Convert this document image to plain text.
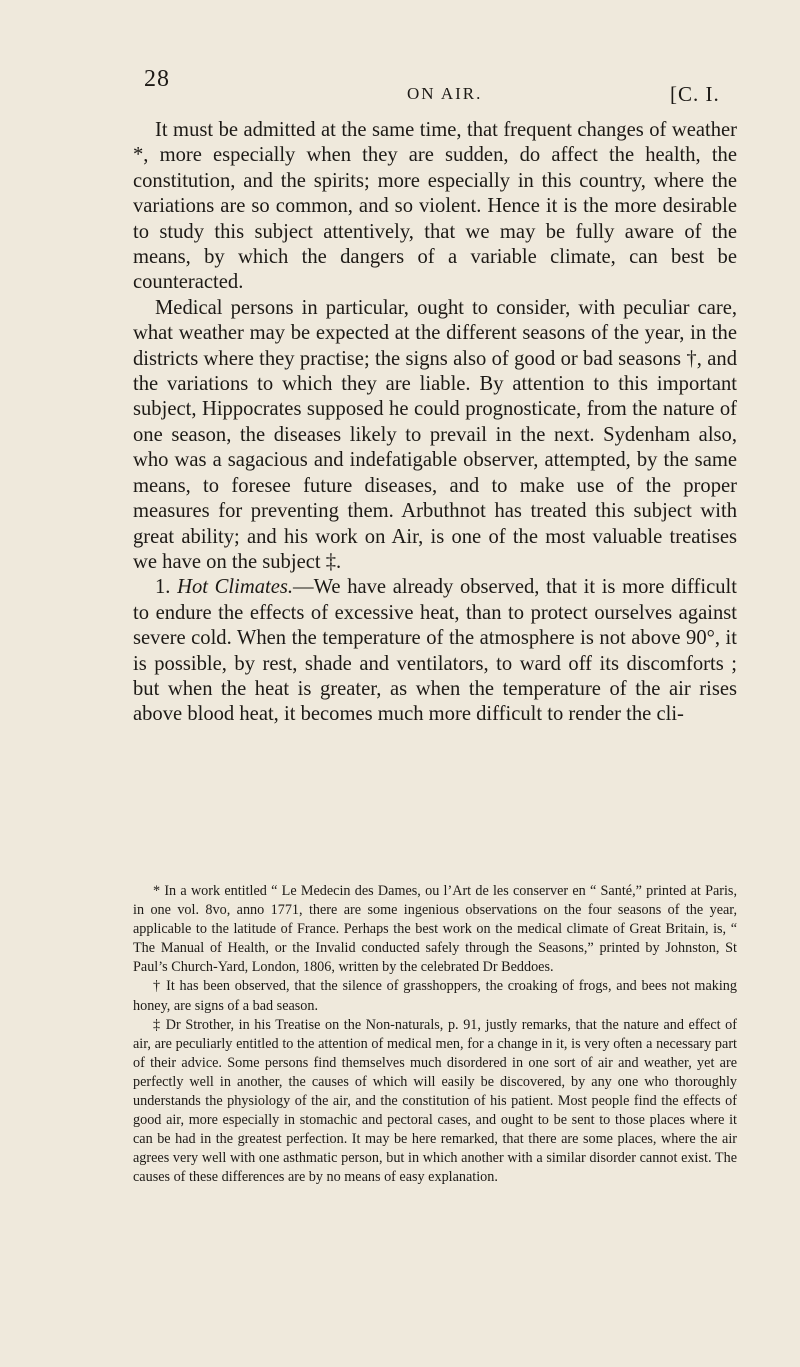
28
ON AIR.	[C. I.

It must be admitted at the same time, that frequent changes of weather *, more especially when they are sudden, do affect the health, the constitution, and the spirits; more especially in this country, where the variations are so common, and so violent. Hence it is the more desirable to study this subject attentively, that we may be fully aware of the means, by which the dangers of a variable climate, can best be counteracted.

Medical persons in particular, ought to consider, with peculiar care, what weather may be expected at the different seasons of the year, in the districts where they practise; the signs also of good or bad seasons †, and the variations to which they are liable. By attention to this important subject, Hippocrates supposed he could prognosticate, from the nature of one season, the diseases likely to prevail in the next. Sydenham also, who was a sagacious and indefatigable observer, attempted, by the same means, to foresee future diseases, and to make use of the proper measures for preventing them. Arbuthnot has treated this subject with great ability; and his work on Air, is one of the most valuable treatises we have on the subject ‡.

1. Hot Climates.—We have already observed, that it is more difficult to endure the effects of excessive heat, than to protect ourselves against severe cold. When the temperature of the atmosphere is not above 90°, it is possible, by rest, shade and ventilators, to ward off its discomforts ; but when the heat is greater, as when the temperature of the air rises above blood heat, it becomes much more difficult to render the cli-

* In a work entitled “ Le Medecin des Dames, ou l’Art de les conserver en “ Santé,” printed at Paris, in one vol. 8vo, anno 1771, there are some ingenious observations on the four seasons of the year, applicable to the latitude of France. Perhaps the best work on the medical climate of Great Britain, is, “ The Manual of Health, or the Invalid conducted safely through the Seasons,” printed by Johnston, St Paul’s Church-Yard, London, 1806, written by the celebrated Dr Beddoes.

† It has been observed, that the silence of grasshoppers, the croaking of frogs, and bees not making honey, are signs of a bad season.

‡ Dr Strother, in his Treatise on the Non-naturals, p. 91, justly remarks, that the nature and effect of air, are peculiarly entitled to the attention of medical men, for a change in it, is very often a necessary part of their advice. Some persons find themselves much disordered in one sort of air and weather, yet are perfectly well in another, the causes of which will easily be discovered, by any one who thoroughly understands the physiology of the air, and the constitution of his patient. Most people find the effects of good air, more especially in stomachic and pectoral cases, and ought to be sent to those places where it can be had in the greatest perfection. It may be here remarked, that there are some places, where the air agrees very well with one asthmatic person, but in which another with a similar disorder cannot exist. The causes of these differences are by no means of easy explanation.
